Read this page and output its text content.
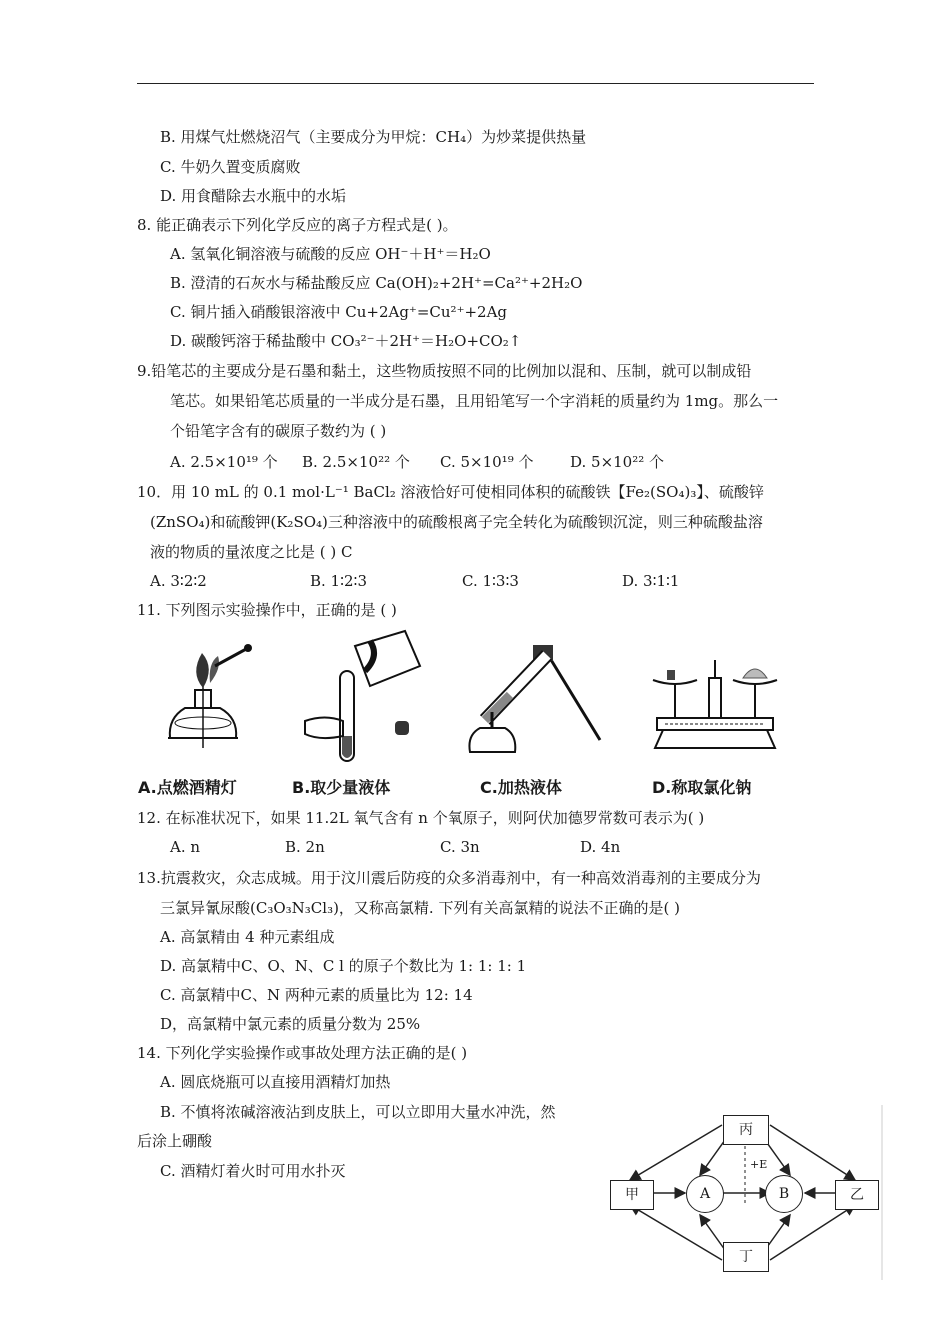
B. 用煤气灶燃烧沼气（主要成分为甲烷：CH₄）为炒菜提供热量
C. 牛奶久置变质腐败
D. 用食醋除去水瓶中的水垢
8. 能正确表示下列化学反应的离子方程式是( )。
A. 氢氧化铜溶液与硫酸的反应 OH⁻＋H⁺＝H₂O
B. 澄清的石灰水与稀盐酸反应 Ca(OH)₂+2H⁺=Ca²⁺+2H₂O
C. 铜片插入硝酸银溶液中 Cu+2Ag⁺=Cu²⁺+2Ag
D. 碳酸钙溶于稀盐酸中 CO₃²⁻＋2H⁺＝H₂O+CO₂↑
9.铅笔芯的主要成分是石墨和黏土，这些物质按照不同的比例加以混和、压制，就可以制成铅
笔芯。如果铅笔芯质量的一半成分是石墨，且用铅笔写一个字消耗的质量约为 1mg。那么一
个铅笔字含有的碳原子数约为 ( )
A. 2.5×10¹⁹ 个 B. 2.5×10²² 个 C. 5×10¹⁹ 个 D. 5×10²² 个
10．用 10 mL 的 0.1 mol·L⁻¹ BaCl₂ 溶液恰好可使相同体积的硫酸铁【Fe₂(SO₄)₃】、硫酸锌
(ZnSO₄)和硫酸钾(K₂SO₄)三种溶液中的硫酸根离子完全转化为硫酸钡沉淀，则三种硫酸盐溶
液的物质的量浓度之比是 ( ) C
A. 3∶2∶2	B. 1∶2∶3	C. 1∶3∶3	D. 3∶1∶1
11. 下列图示实验操作中，正确的是 ( )
A.点燃酒精灯	B.取少量液体	C.加热液体	D.称取氯化钠
12. 在标准状况下，如果 11.2L 氧气含有 n 个氧原子，则阿伏加德罗常数可表示为( )
A. n	B. 2n	C. 3n	D. 4n
13.抗震救灾，众志成城。用于汶川震后防疫的众多消毒剂中，有一种高效消毒剂的主要成分为
三氯异氰尿酸(C₃O₃N₃Cl₃)，又称高氯精. 下列有关高氯精的说法不正确的是( )
A. 高氯精由 4 种元素组成
D. 高氯精中C、O、N、C l 的原子个数比为 1: 1: 1: 1
C. 高氯精中C、N 两种元素的质量比为 12: 14
D，高氯精中氯元素的质量分数为 25%
14. 下列化学实验操作或事故处理方法正确的是( )
A. 圆底烧瓶可以直接用酒精灯加热
B. 不慎将浓碱溶液沾到皮肤上，可以立即用大量水冲洗，然
后涂上硼酸
C. 酒精灯着火时可用水扑灭
丙
甲	乙
丁
A	B
+E
